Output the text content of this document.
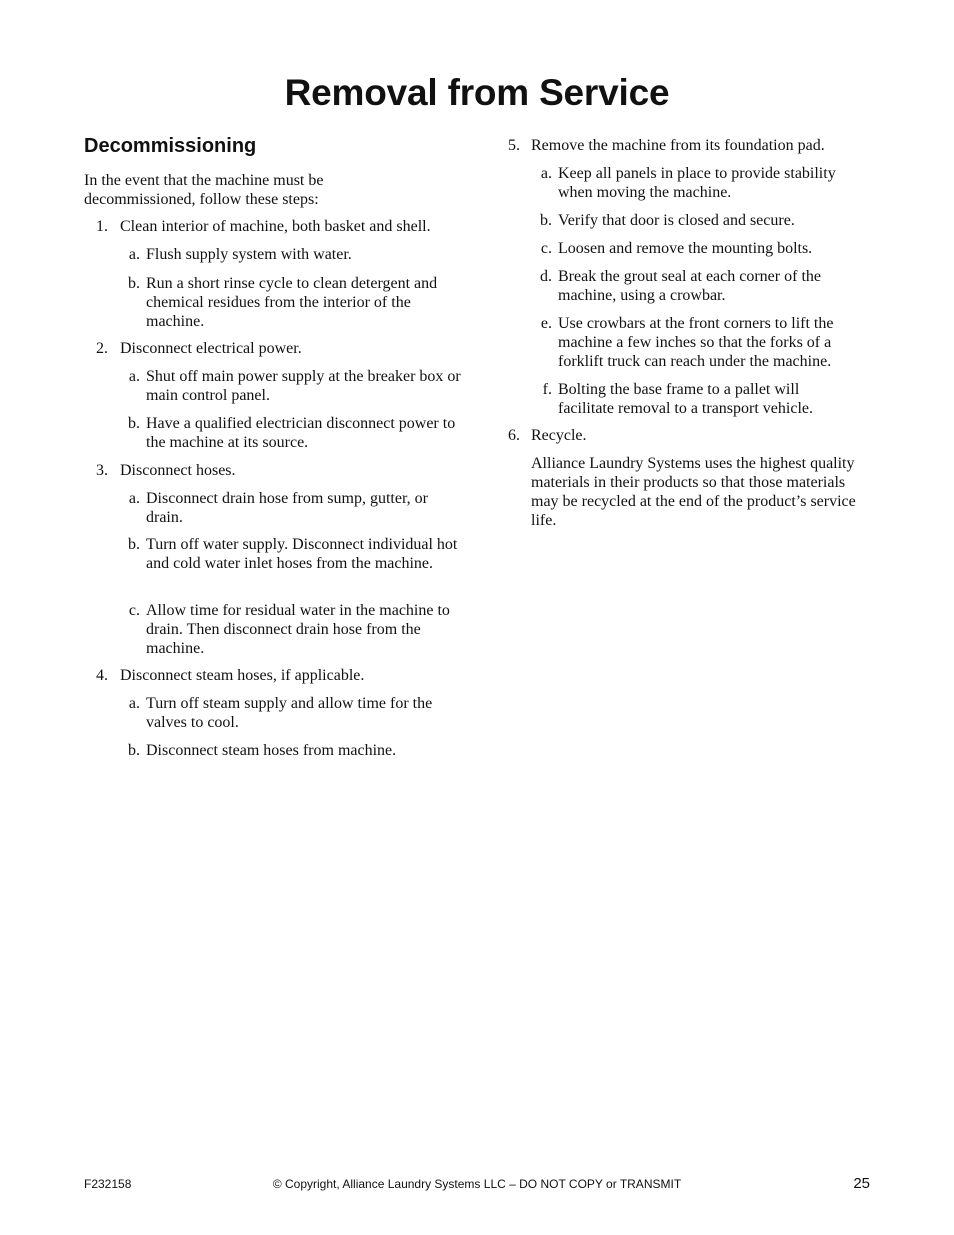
Removal from Service
Decommissioning

In the event that the machine must be decommissioned, follow these steps:

1. Clean interior of machine, both basket and shell.
a. Flush supply system with water.
b. Run a short rinse cycle to clean detergent and chemical residues from the interior of the machine.
2. Disconnect electrical power.
a. Shut off main power supply at the breaker box or main control panel.
b. Have a qualified electrician disconnect power to the machine at its source.
3. Disconnect hoses.
a. Disconnect drain hose from sump, gutter, or drain.
b. Turn off water supply. Disconnect individual hot and cold water inlet hoses from the machine.
c. Allow time for residual water in the machine to drain. Then disconnect drain hose from the machine.
4. Disconnect steam hoses, if applicable.
a. Turn off steam supply and allow time for the valves to cool.
b. Disconnect steam hoses from machine.
5. Remove the machine from its foundation pad.
a. Keep all panels in place to provide stability when moving the machine.
b. Verify that door is closed and secure.
c. Loosen and remove the mounting bolts.
d. Break the grout seal at each corner of the machine, using a crowbar.
e. Use crowbars at the front corners to lift the machine a few inches so that the forks of a forklift truck can reach under the machine.
f. Bolting the base frame to a pallet will facilitate removal to a transport vehicle.
6. Recycle.

Alliance Laundry Systems uses the highest quality materials in their products so that those materials may be recycled at the end of the product’s service life.

F232158	© Copyright, Alliance Laundry Systems LLC – DO NOT COPY or TRANSMIT	25
